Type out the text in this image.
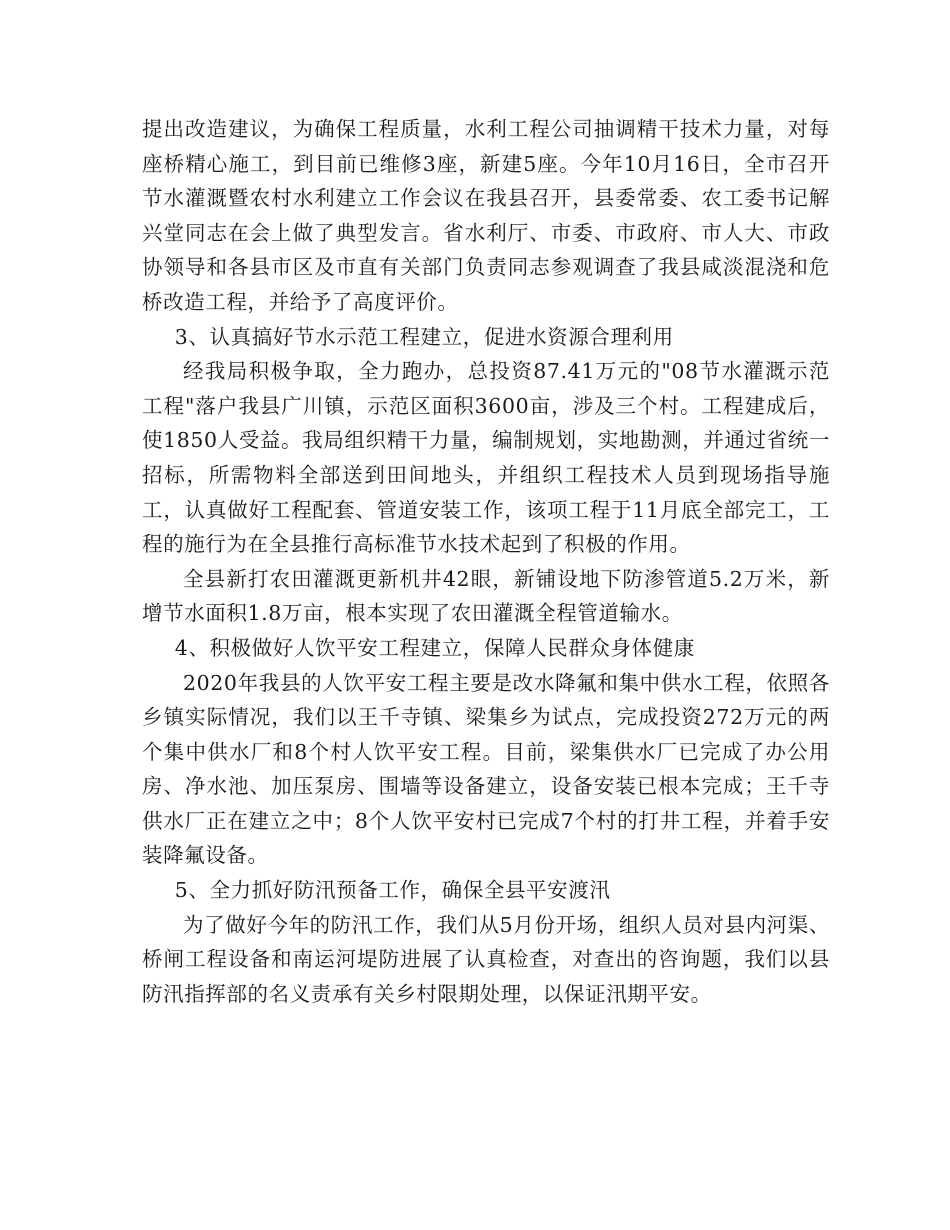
提出改造建议，为确保工程质量，水利工程公司抽调精干技术力量，对每座桥精心施工，到目前已维修3座，新建5座。今年10月16日，全市召开节水灌溉暨农村水利建立工作会议在我县召开，县委常委、农工委书记解兴堂同志在会上做了典型发言。省水利厅、市委、市政府、市人大、市政协领导和各县市区及市直有关部门负责同志参观调查了我县咸淡混浇和危桥改造工程，并给予了高度评价。

3、认真搞好节水示范工程建立，促进水资源合理利用

经我局积极争取，全力跑办，总投资87.41万元的"08节水灌溉示范工程"落户我县广川镇，示范区面积3600亩，涉及三个村。工程建成后，使1850人受益。我局组织精干力量，编制规划，实地勘测，并通过省统一招标，所需物料全部送到田间地头，并组织工程技术人员到现场指导施工，认真做好工程配套、管道安装工作，该项工程于11月底全部完工，工程的施行为在全县推行高标准节水技术起到了积极的作用。

全县新打农田灌溉更新机井42眼，新铺设地下防渗管道5.2万米，新增节水面积1.8万亩，根本实现了农田灌溉全程管道输水。

4、积极做好人饮平安工程建立，保障人民群众身体健康

2020年我县的人饮平安工程主要是改水降氟和集中供水工程，依照各乡镇实际情况，我们以王千寺镇、梁集乡为试点，完成投资272万元的两个集中供水厂和8个村人饮平安工程。目前，梁集供水厂已完成了办公用房、净水池、加压泵房、围墙等设备建立，设备安装已根本完成；王千寺供水厂正在建立之中；8个人饮平安村已完成7个村的打井工程，并着手安装降氟设备。

5、全力抓好防汛预备工作，确保全县平安渡汛

为了做好今年的防汛工作，我们从5月份开场，组织人员对县内河渠、桥闸工程设备和南运河堤防进展了认真检查，对查出的咨询题，我们以县防汛指挥部的名义责承有关乡村限期处理，以保证汛期平安。
